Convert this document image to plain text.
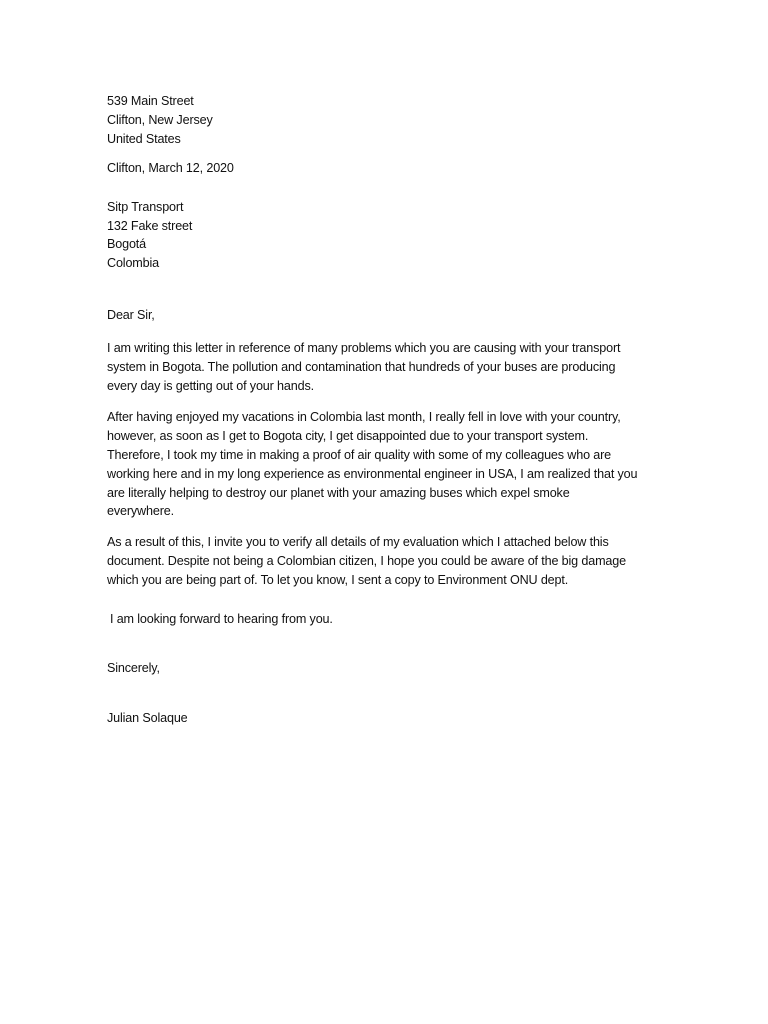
539 Main Street
Clifton, New Jersey
United States
Clifton, March 12, 2020
Sitp Transport
132 Fake street
Bogotá
Colombia
Dear Sir,
I am writing this letter in reference of many problems which you are causing with your transport
system in Bogota. The pollution and contamination that hundreds of your buses are producing
every day is getting out of your hands.
After having enjoyed my vacations in Colombia last month, I really fell in love with your country,
however, as soon as I get to Bogota city, I get disappointed due to your transport system.
Therefore, I took my time in making a proof of air quality with some of my colleagues who are
working here and in my long experience as environmental engineer in USA, I am realized that you
are literally helping to destroy our planet with your amazing buses which expel smoke
everywhere.
As a result of this, I invite you to verify all details of my evaluation which I attached below this
document. Despite not being a Colombian citizen, I hope you could be aware of the big damage
which you are being part of. To let you know, I sent a copy to Environment ONU dept.
I am looking forward to hearing from you.
Sincerely,
Julian Solaque
